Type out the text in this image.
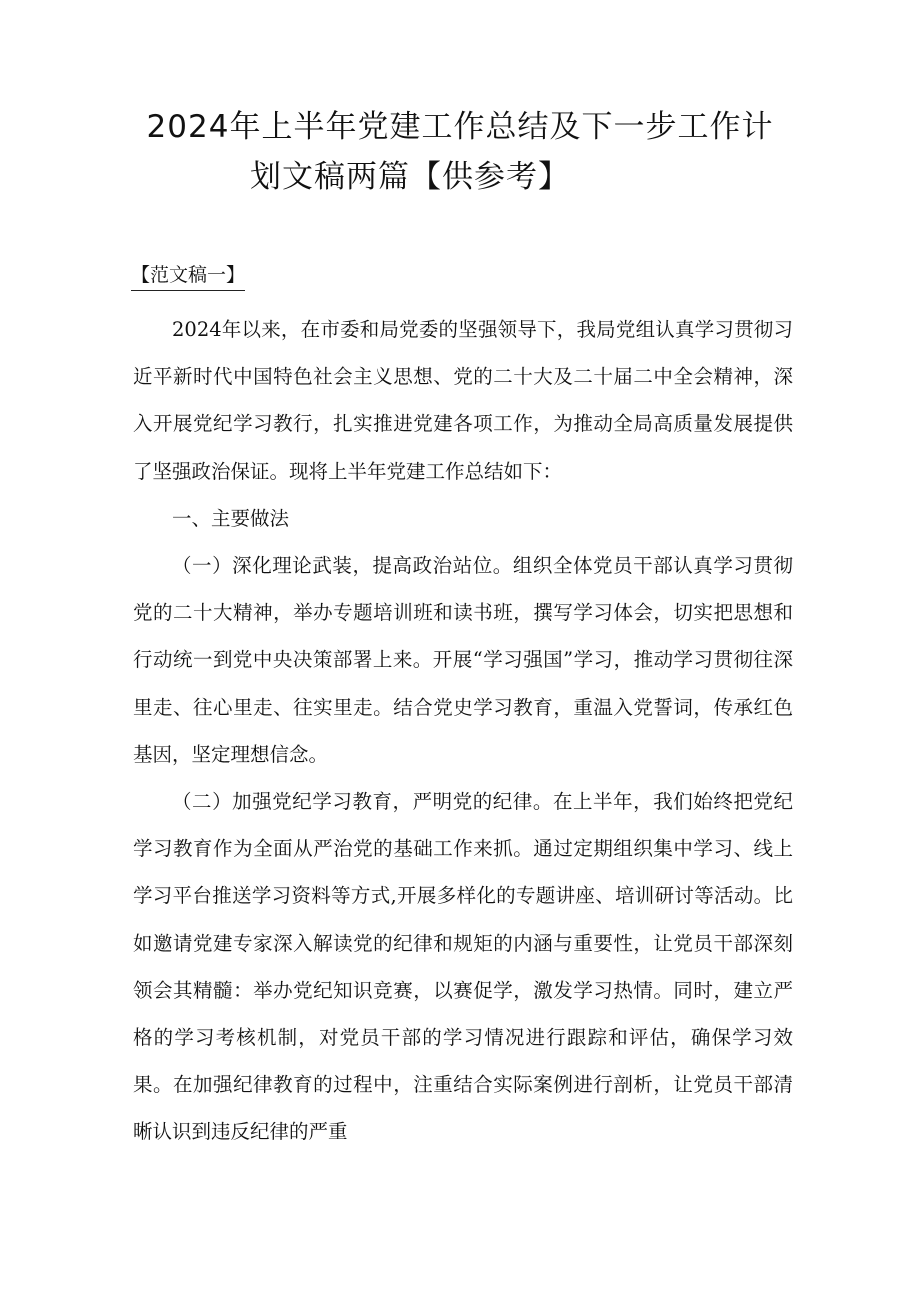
2024年上半年党建工作总结及下一步工作计
划文稿两篇【供参考】
【范文稿一】

2024年以来，在市委和局党委的坚强领导下，我局党组认真学习贯彻习近平新时代中国特色社会主义思想、党的二十大及二十届二中全会精神，深入开展党纪学习教行，扎实推进党建各项工作，为推动全局高质量发展提供了坚强政治保证。现将上半年党建工作总结如下：

一、主要做法

（一）深化理论武装，提高政治站位。组织全体党员干部认真学习贯彻党的二十大精神，举办专题培训班和读书班，撰写学习体会，切实把思想和行动统一到党中央决策部署上来。开展“学习强国”学习，推动学习贯彻往深里走、往心里走、往实里走。结合党史学习教育，重温入党誓词，传承红色基因，坚定理想信念。

（二）加强党纪学习教育，严明党的纪律。在上半年，我们始终把党纪学习教育作为全面从严治党的基础工作来抓。通过定期组织集中学习、线上学习平台推送学习资料等方式,开展多样化的专题讲座、培训研讨等活动。比如邀请党建专家深入解读党的纪律和规矩的内涵与重要性，让党员干部深刻领会其精髓：举办党纪知识竞赛，以赛促学，激发学习热情。同时，建立严格的学习考核机制，对党员干部的学习情况进行跟踪和评估，确保学习效果。在加强纪律教育的过程中，注重结合实际案例进行剖析，让党员干部清晰认识到违反纪律的严重
